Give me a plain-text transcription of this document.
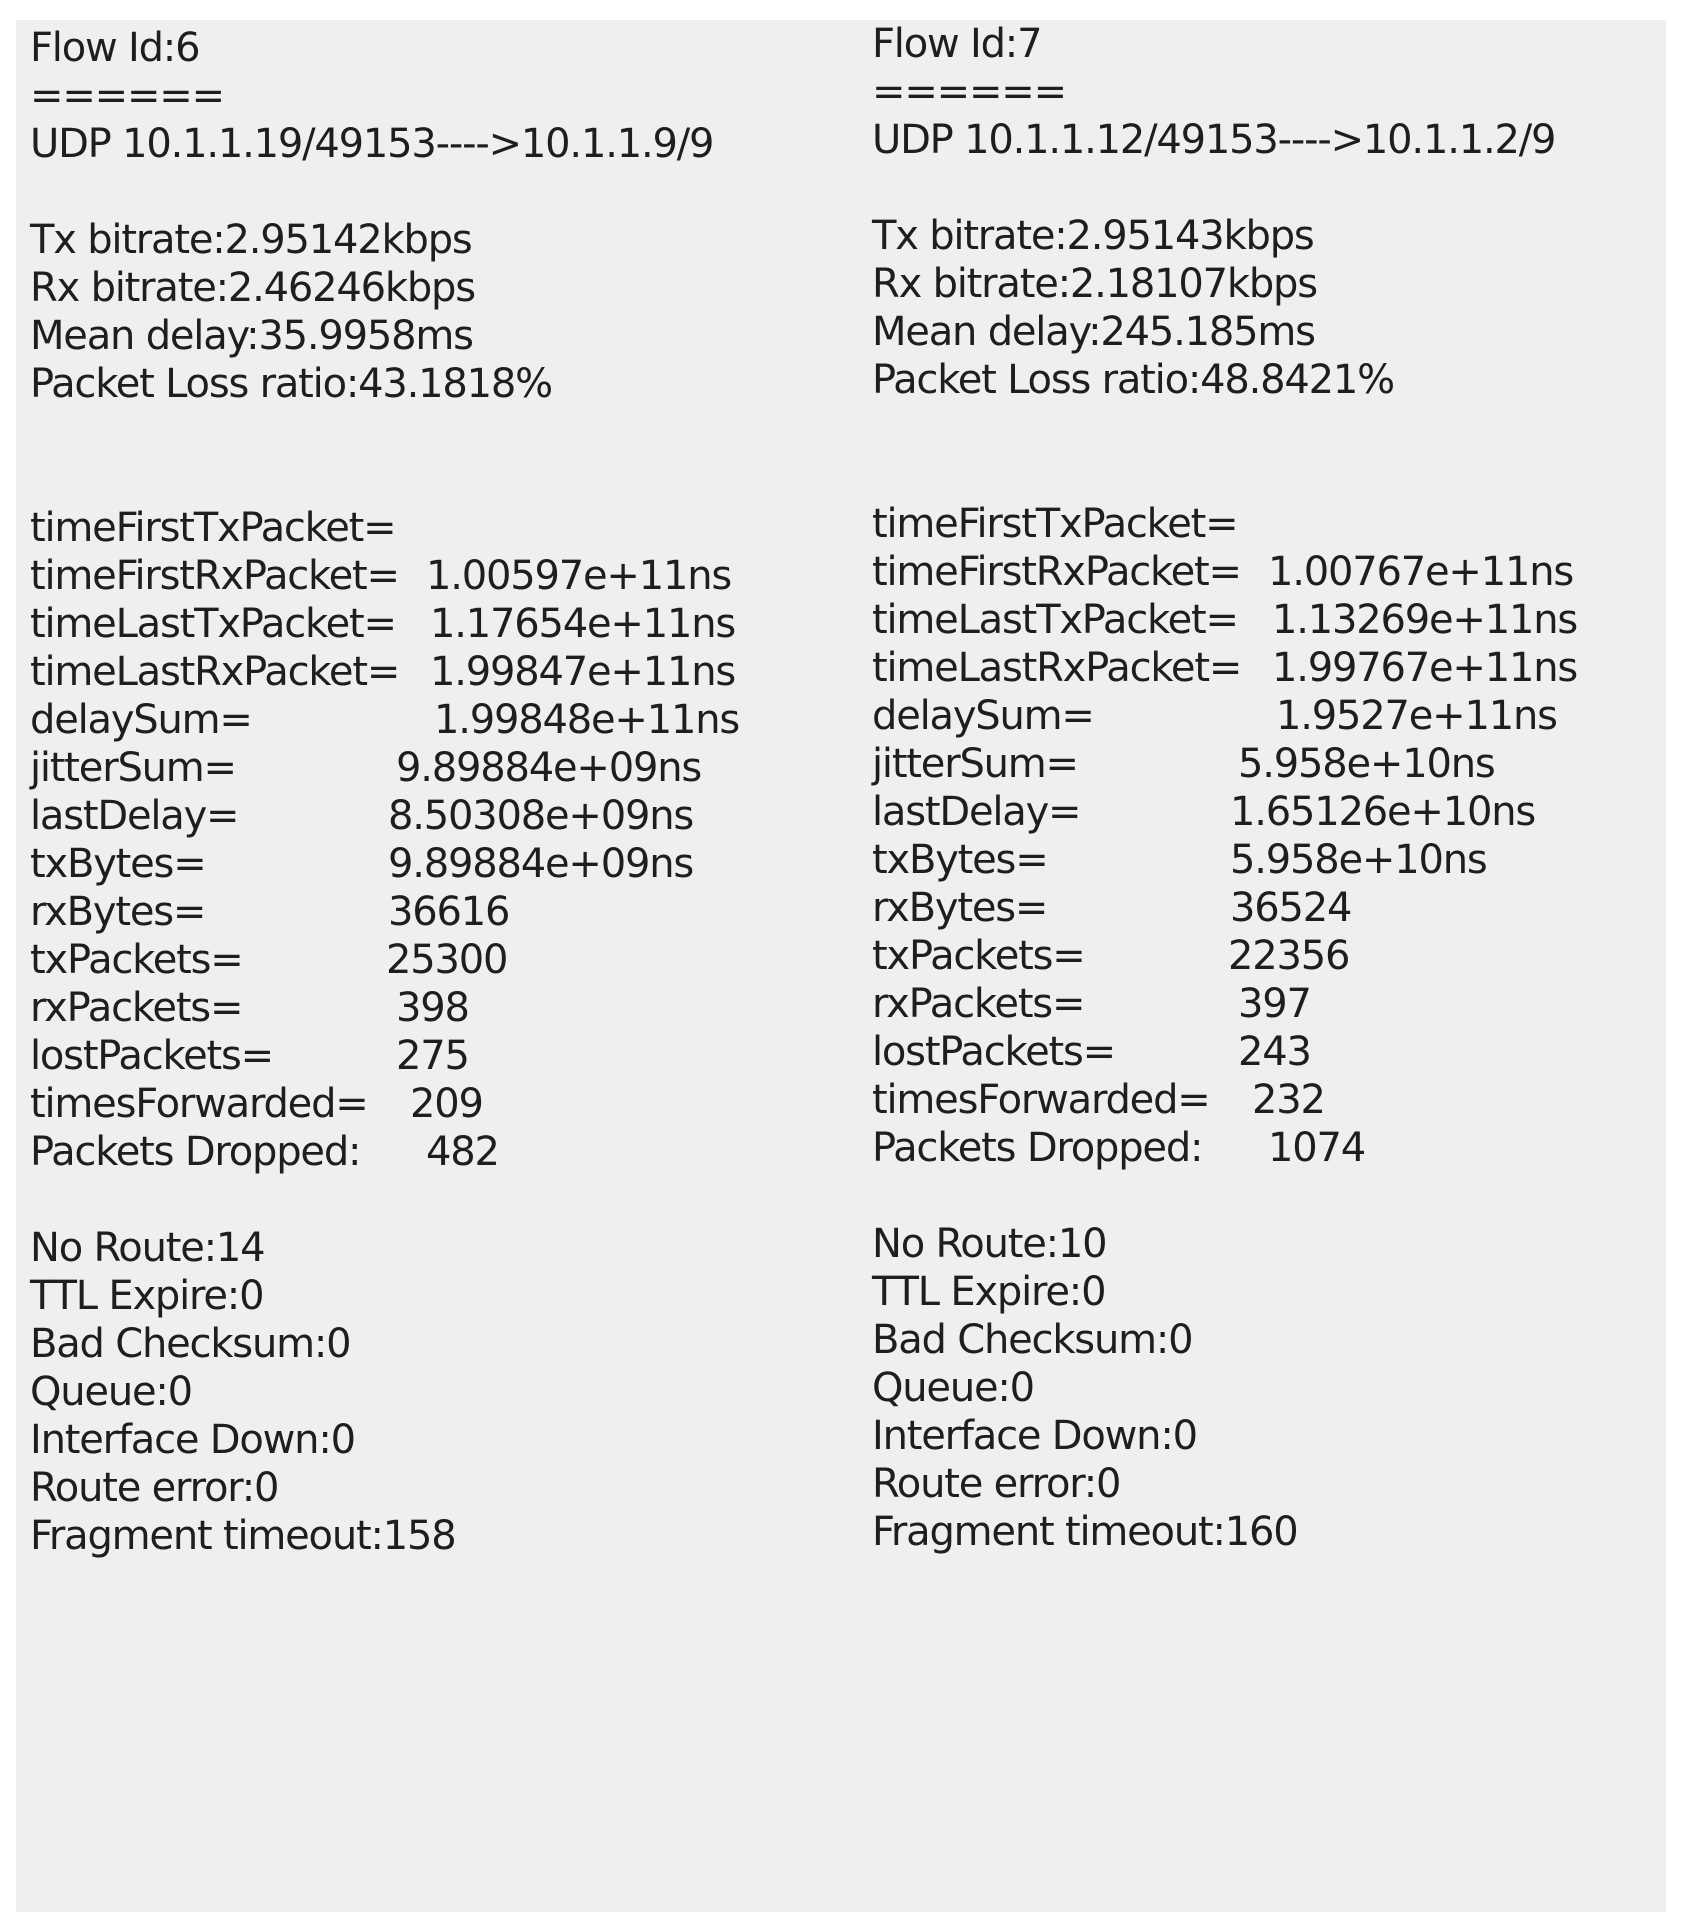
Flow Id:6
======
UDP 10.1.1.19/49153---->10.1.1.9/9
Tx bitrate:2.95142kbps
Rx bitrate:2.46246kbps
Mean delay:35.9958ms
Packet Loss ratio:43.1818%

timeFirstTxPacket=

1.00597e+11ns

timeFirstRxPacket=

1.17654e+11ns

timeLastTxPacket=

1.99847e+11ns

timeLastRxPacket=

1.99848e+11ns

delaySum=

9.89884e+09ns

jitterSum=

8.50308e+09ns

lastDelay=

9.89884e+09ns

txBytes=

36616

rxBytes=

25300

txPackets=

398

rxPackets=

275

lostPackets=

209

timesForwarded=

482

Packets Dropped:
No Route:14
TTL Expire:0
Bad Checksum:0
Queue:0
Interface Down:0
Route error:0
Fragment timeout:158
Flow Id:7
======
UDP 10.1.1.12/49153---->10.1.1.2/9
Tx bitrate:2.95143kbps
Rx bitrate:2.18107kbps
Mean delay:245.185ms
Packet Loss ratio:48.8421%

timeFirstTxPacket=

1.00767e+11ns

timeFirstRxPacket=

1.13269e+11ns

timeLastTxPacket=

1.99767e+11ns

timeLastRxPacket=

1.9527e+11ns

delaySum=

5.958e+10ns

jitterSum=

1.65126e+10ns

lastDelay=

5.958e+10ns

txBytes=

36524

rxBytes=

22356

txPackets=

397

rxPackets=

243

lostPackets=

232

timesForwarded=

1074

Packets Dropped:
No Route:10
TTL Expire:0
Bad Checksum:0
Queue:0
Interface Down:0
Route error:0
Fragment timeout:160
